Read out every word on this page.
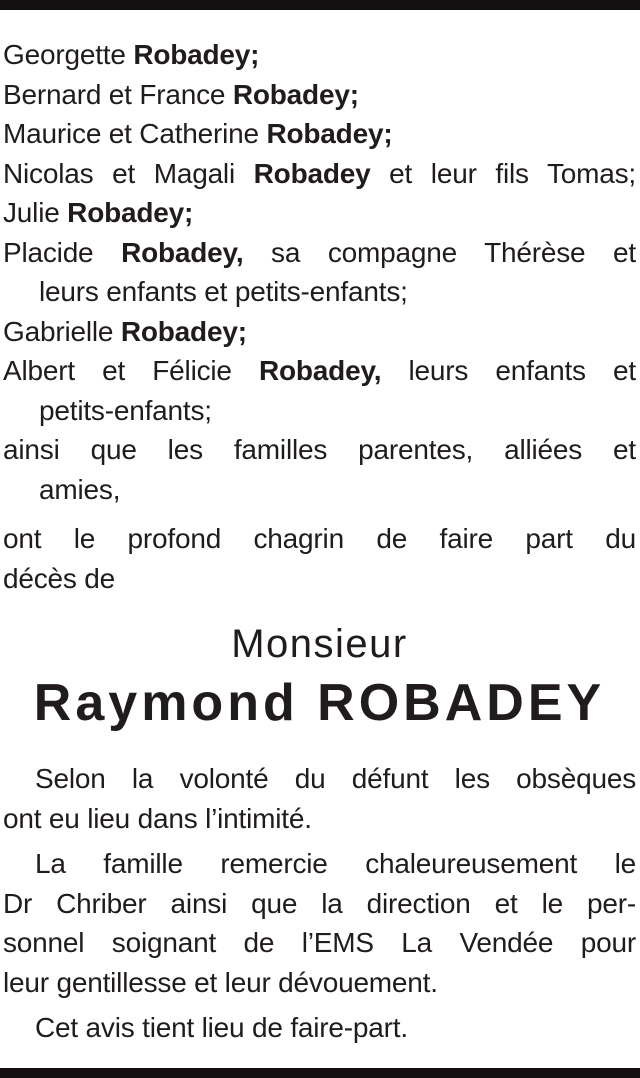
Georgette Robadey;
Bernard et France Robadey;
Maurice et Catherine Robadey;
Nicolas et Magali Robadey et leur fils Tomas;
Julie Robadey;
Placide Robadey, sa compagne Thérèse et
leurs enfants et petits-enfants;
Gabrielle Robadey;
Albert et Félicie Robadey, leurs enfants et
petits-enfants;
ainsi que les familles parentes, alliées et
amies,
ont le profond chagrin de faire part du
décès de
Monsieur
Raymond ROBADEY
Selon la volonté du défunt les obsèques
ont eu lieu dans l’intimité.
La famille remercie chaleureusement le
Dr Chriber ainsi que la direction et le per-
sonnel soignant de l’EMS La Vendée pour
leur gentillesse et leur dévouement.
Cet avis tient lieu de faire-part.
